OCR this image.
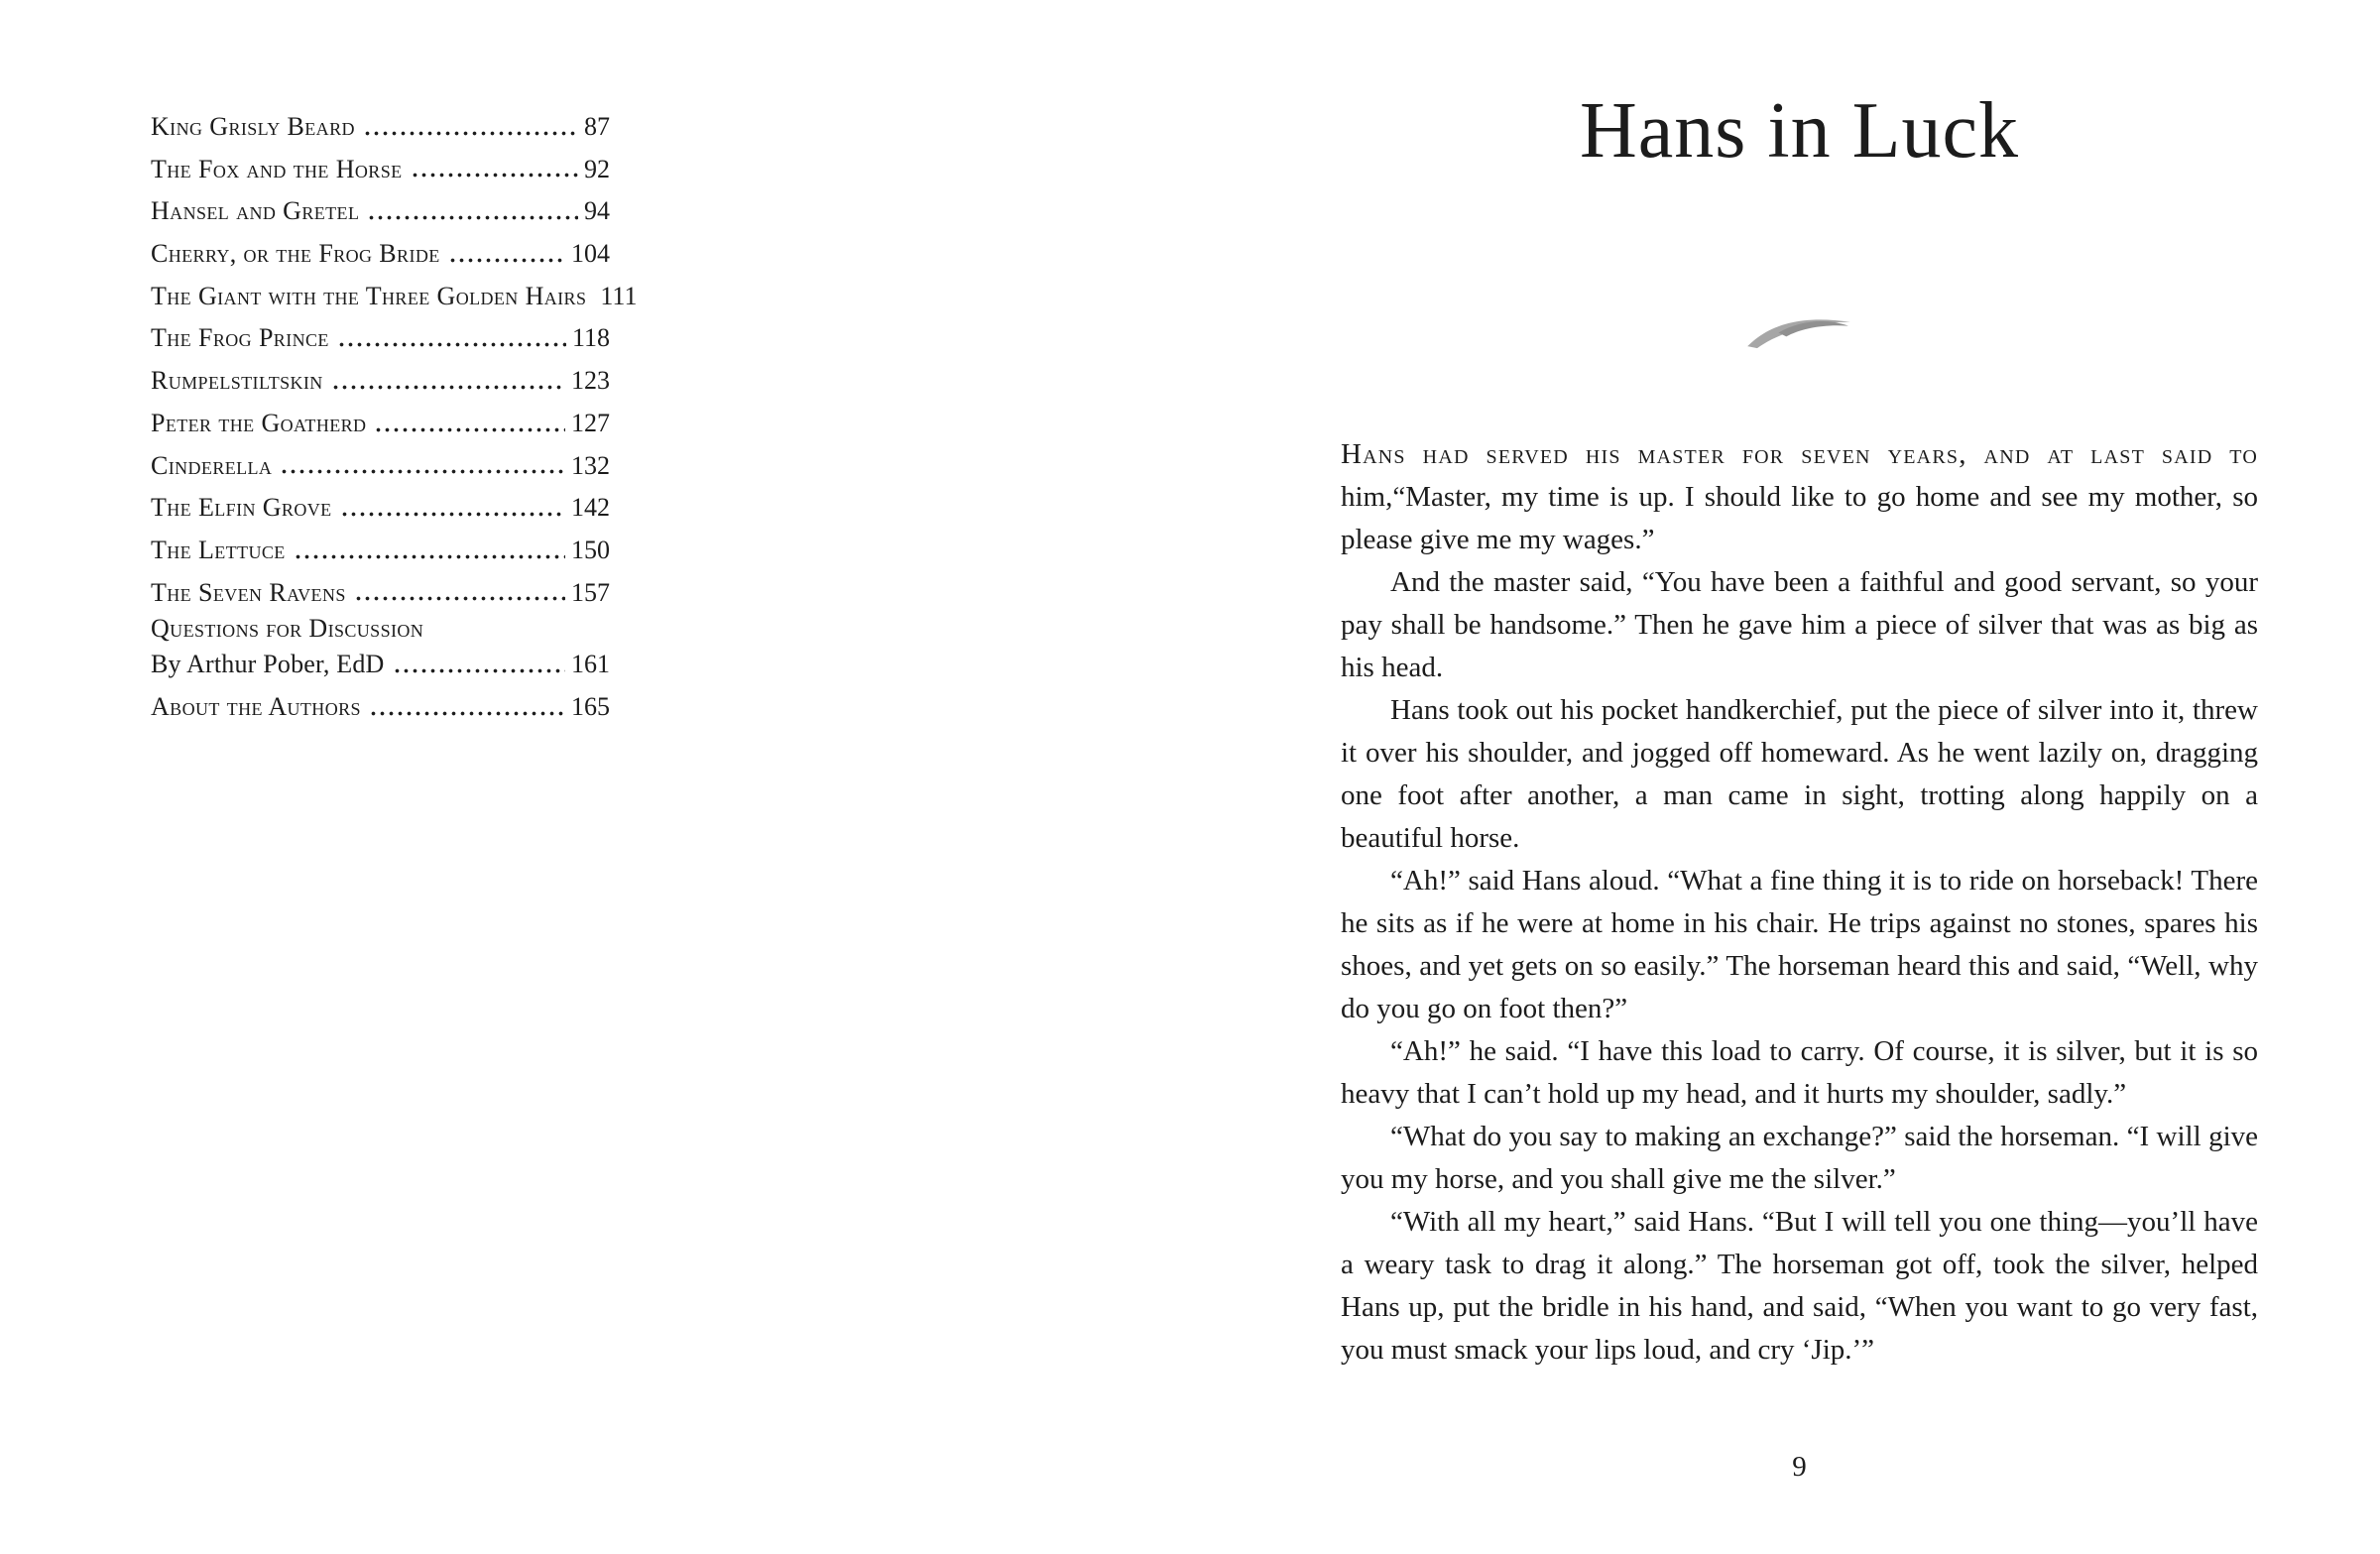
King Grisly Beard	87
The Fox and the Horse	92
Hansel and Gretel	94
Cherry, or the Frog Bride	104
The Giant with the Three Golden Hairs 111
The Frog Prince	118
Rumpelstiltskin	123
Peter the Goatherd	127
Cinderella	132
The Elfin Grove	142
The Lettuce	150
The Seven Ravens	157
Questions for Discussion
By Arthur Pober, EdD	161
About the Authors	165
Hans in Luck

Hans had served his master for seven years, and at last said to him,“Master, my time is up. I should like to go home and see my mother, so please give me my wages.”

And the master said, “You have been a faithful and good servant, so your pay shall be handsome.” Then he gave him a piece of silver that was as big as his head.

Hans took out his pocket handkerchief, put the piece of silver into it, threw it over his shoulder, and jogged off homeward. As he went lazily on, dragging one foot after another, a man came in sight, trotting along happily on a beautiful horse.

“Ah!” said Hans aloud. “What a fine thing it is to ride on horseback! There he sits as if he were at home in his chair. He trips against no stones, spares his shoes, and yet gets on so easily.” The horseman heard this and said, “Well, why do you go on foot then?”

“Ah!” he said. “I have this load to carry. Of course, it is silver, but it is so heavy that I can’t hold up my head, and it hurts my shoulder, sadly.”

“What do you say to making an exchange?” said the horseman. “I will give you my horse, and you shall give me the silver.”

“With all my heart,” said Hans. “But I will tell you one thing—you’ll have a weary task to drag it along.” The horseman got off, took the silver, helped Hans up, put the bridle in his hand, and said, “When you want to go very fast, you must smack your lips loud, and cry ‘Jip.’”

9
